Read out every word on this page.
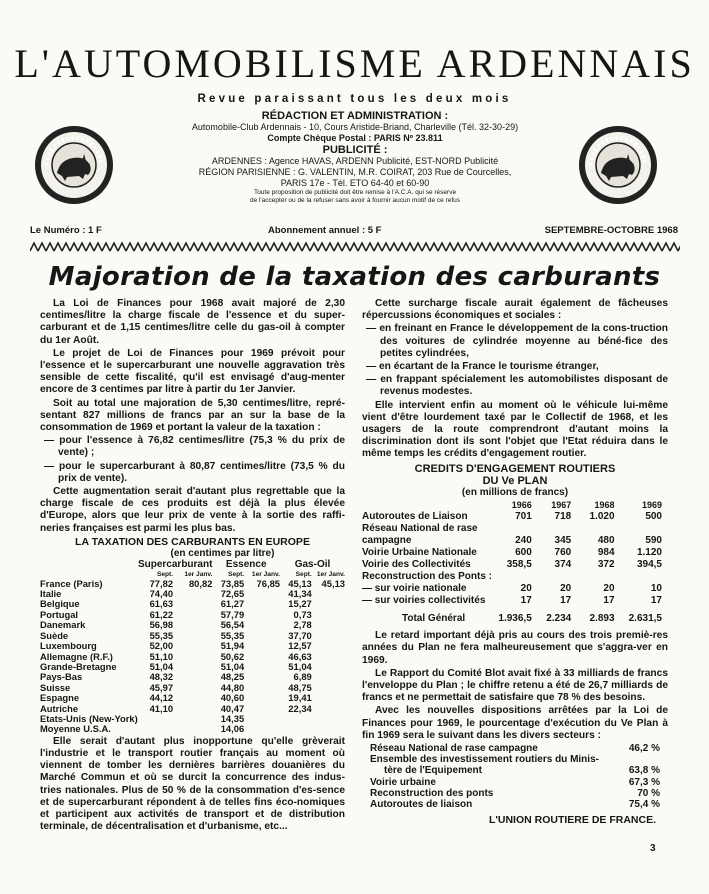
L'AUTOMOBILISME ARDENNAIS
Revue paraissant tous les deux mois
RÉDACTION ET ADMINISTRATION :
Automobile-Club Ardennais - 10, Cours Aristide-Briand, Charleville (Tél. 32-30-29)
Compte Chèque Postal : PARIS Nº 23.811
PUBLICITÉ :
ARDENNES : Agence HAVAS, ARDENN Publicité, EST-NORD Publicité
RÉGION PARISIENNE : G. VALENTIN, M.R. COIRAT, 203 Rue de Courcelles,
PARIS 17e - Tél. ETO 64-40 et 60-90
Toute proposition de publicité doit être remise à l'A.C.A. qui se réserve
de l'accepter ou de la refuser sans avoir à fournir aucun motif de ce refus
Le Numéro : 1 F	Abonnement annuel : 5 F	SEPTEMBRE-OCTOBRE 1968
Majoration de la taxation des carburants

La Loi de Finances pour 1968 avait majoré de 2,30 centimes/litre la charge fiscale de l'essence et du super-carburant et de 1,15 centimes/litre celle du gas-oil à compter du 1er Août.

Le projet de Loi de Finances pour 1969 prévoit pour l'essence et le supercarburant une nouvelle aggravation très sensible de cette fiscalité, qu'il est envisagé d'aug-menter encore de 3 centimes par litre à partir du 1er Janvier.

Soit au total une majoration de 5,30 centimes/litre, repré-sentant 827 millions de francs par an sur la base de la consommation de 1969 et portant la valeur de la taxation :

— pour l'essence à 76,82 centimes/litre (75,3 % du prix de vente) ;

— pour le supercarburant à 80,87 centimes/litre (73,5 % du prix de vente).

Cette augmentation serait d'autant plus regrettable que la charge fiscale de ces produits est déjà la plus élevée d'Europe, alors que leur prix de vente à la sortie des raffi-neries françaises est parmi les plus bas.

LA TAXATION DES CARBURANTS EN EUROPE
(en centimes par litre)
	Supercarburant		Essence		Gas-Oil	
	Sept.	1er Janv.	Sept.	1er Janv.	Sept.	1er Janv.
France (Paris)	77,82	80,82	73,85	76,85	45,13	45,13
Italie	74,40		72,65		41,34	
Belgique	61,63		61,27		15,27	
Portugal	61,22		57,79		0,73	
Danemark	56,98		56,54		2,78	
Suède	55,35		55,35		37,70	
Luxembourg	52,00		51,94		12,57	
Allemagne (R.F.)	51,10		50,62		46,63	
Grande-Bretagne	51,04		51,04		51,04	
Pays-Bas	48,32		48,25		6,89	
Suisse	45,97		44,80		48,75	
Espagne	44,12		40,60		19,41	
Autriche	41,10		40,47		22,34	
Etats-Unis (New-York)			14,35			
Moyenne U.S.A.			14,06			

Elle serait d'autant plus inopportune qu'elle grèverait l'industrie et le transport routier français au moment où viennent de tomber les dernières barrières douanières du Marché Commun et où se durcit la concurrence des indus-tries nationales. Plus de 50 % de la consommation d'es-sence et de supercarburant répondent à de telles fins éco-nomiques et participent aux activités de transport et de distribution terminale, de décentralisation et d'urbanisme, etc...

Cette surcharge fiscale aurait également de fâcheuses répercussions économiques et sociales :

— en freinant en France le développement de la cons-truction des voitures de cylindrée moyenne au béné-fice des petites cylindrées,

— en écartant de la France le tourisme étranger,

— en frappant spécialement les automobilistes disposant de revenus modestes.

Elle intervient enfin au moment où le véhicule lui-même vient d'être lourdement taxé par le Collectif de 1968, et les usagers de la route comprendront d'autant moins la discrimination dont ils sont l'objet que l'Etat réduira dans le même temps les crédits d'engagement routier.

CREDITS D'ENGAGEMENT ROUTIERS
DU Ve PLAN
(en millions de francs)
	1966	1967	1968	1969
Autoroutes de Liaison	701	718	1.020	500
Réseau National de rase				
campagne	240	345	480	590
Voirie Urbaine Nationale	600	760	984	1.120
Voirie des Collectivités	358,5	374	372	394,5
Reconstruction des Ponts :				
— sur voirie nationale	20	20	20	10
— sur voiries collectivités	17	17	17	17
Total Général	1.936,5	2.234	2.893	2.631,5

Le retard important déjà pris au cours des trois premiè-res années du Plan ne fera malheureusement que s'aggra-ver en 1969.

Le Rapport du Comité Blot avait fixé à 33 milliards de francs l'enveloppe du Plan ; le chiffre retenu a été de 26,7 milliards de francs et ne permettait de satisfaire que 78 % des besoins.

Avec les nouvelles dispositions arrêtées par la Loi de Finances pour 1969, le pourcentage d'exécution du Ve Plan à fin 1969 sera le suivant dans les divers secteurs :

Réseau National de rase campagne	46,2 %
Ensemble des investissement routiers du Minis-	
tère de l'Equipement	63,8 %
Voirie urbaine	67,3 %
Reconstruction des ponts	70 %
Autoroutes de liaison	75,4 %
L'UNION ROUTIERE DE FRANCE.
3
